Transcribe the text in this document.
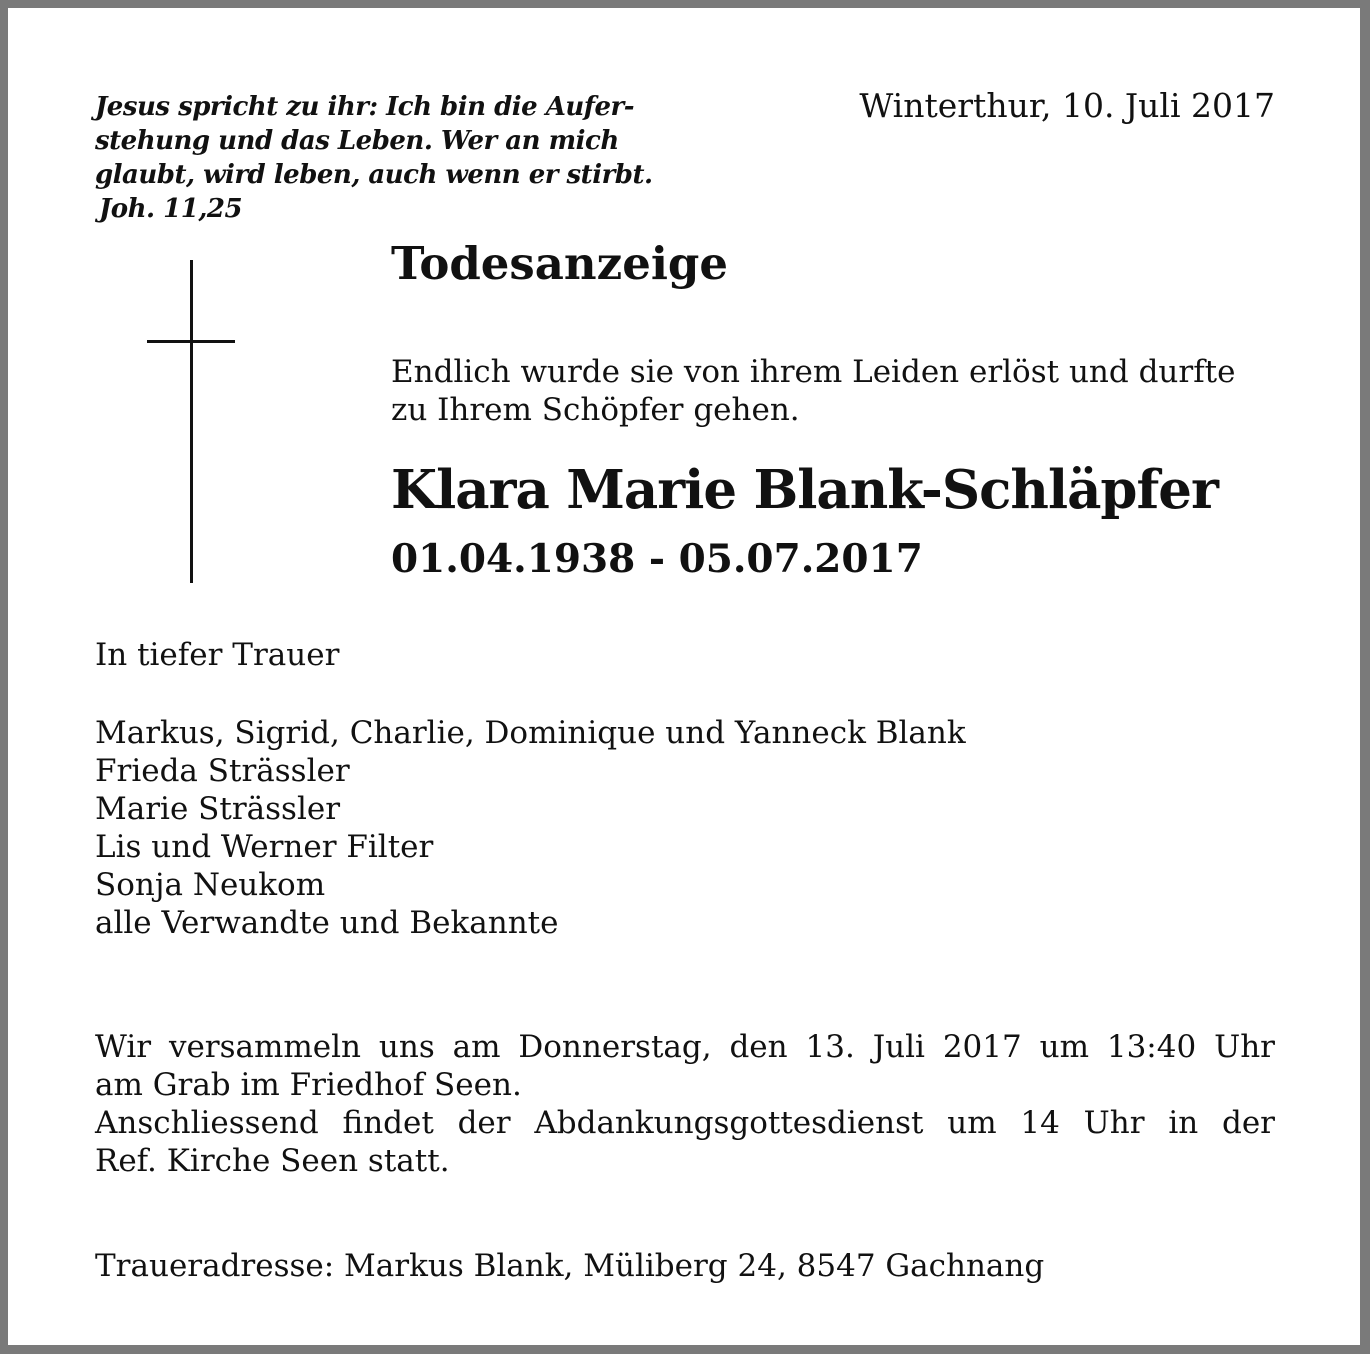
Jesus spricht zu ihr: Ich bin die Aufer-
stehung und das Leben. Wer an mich
glaubt, wird leben, auch wenn er stirbt.
Joh. 11,25
Winterthur, 10. Juli 2017
Todesanzeige
Endlich wurde sie von ihrem Leiden erlöst und durfte
zu Ihrem Schöpfer gehen.
Klara Marie Blank-Schläpfer
01.04.1938 - 05.07.2017
In tiefer Trauer
Markus, Sigrid, Charlie, Dominique und Yanneck Blank
Frieda Strässler
Marie Strässler
Lis und Werner Filter
Sonja Neukom
alle Verwandte und Bekannte
Wir versammeln uns am Donnerstag, den 13. Juli 2017 um 13:40 Uhr
am Grab im Friedhof Seen.
Anschliessend findet der Abdankungsgottesdienst um 14 Uhr in der
Ref. Kirche Seen statt.
Traueradresse: Markus Blank, Müliberg 24, 8547 Gachnang
